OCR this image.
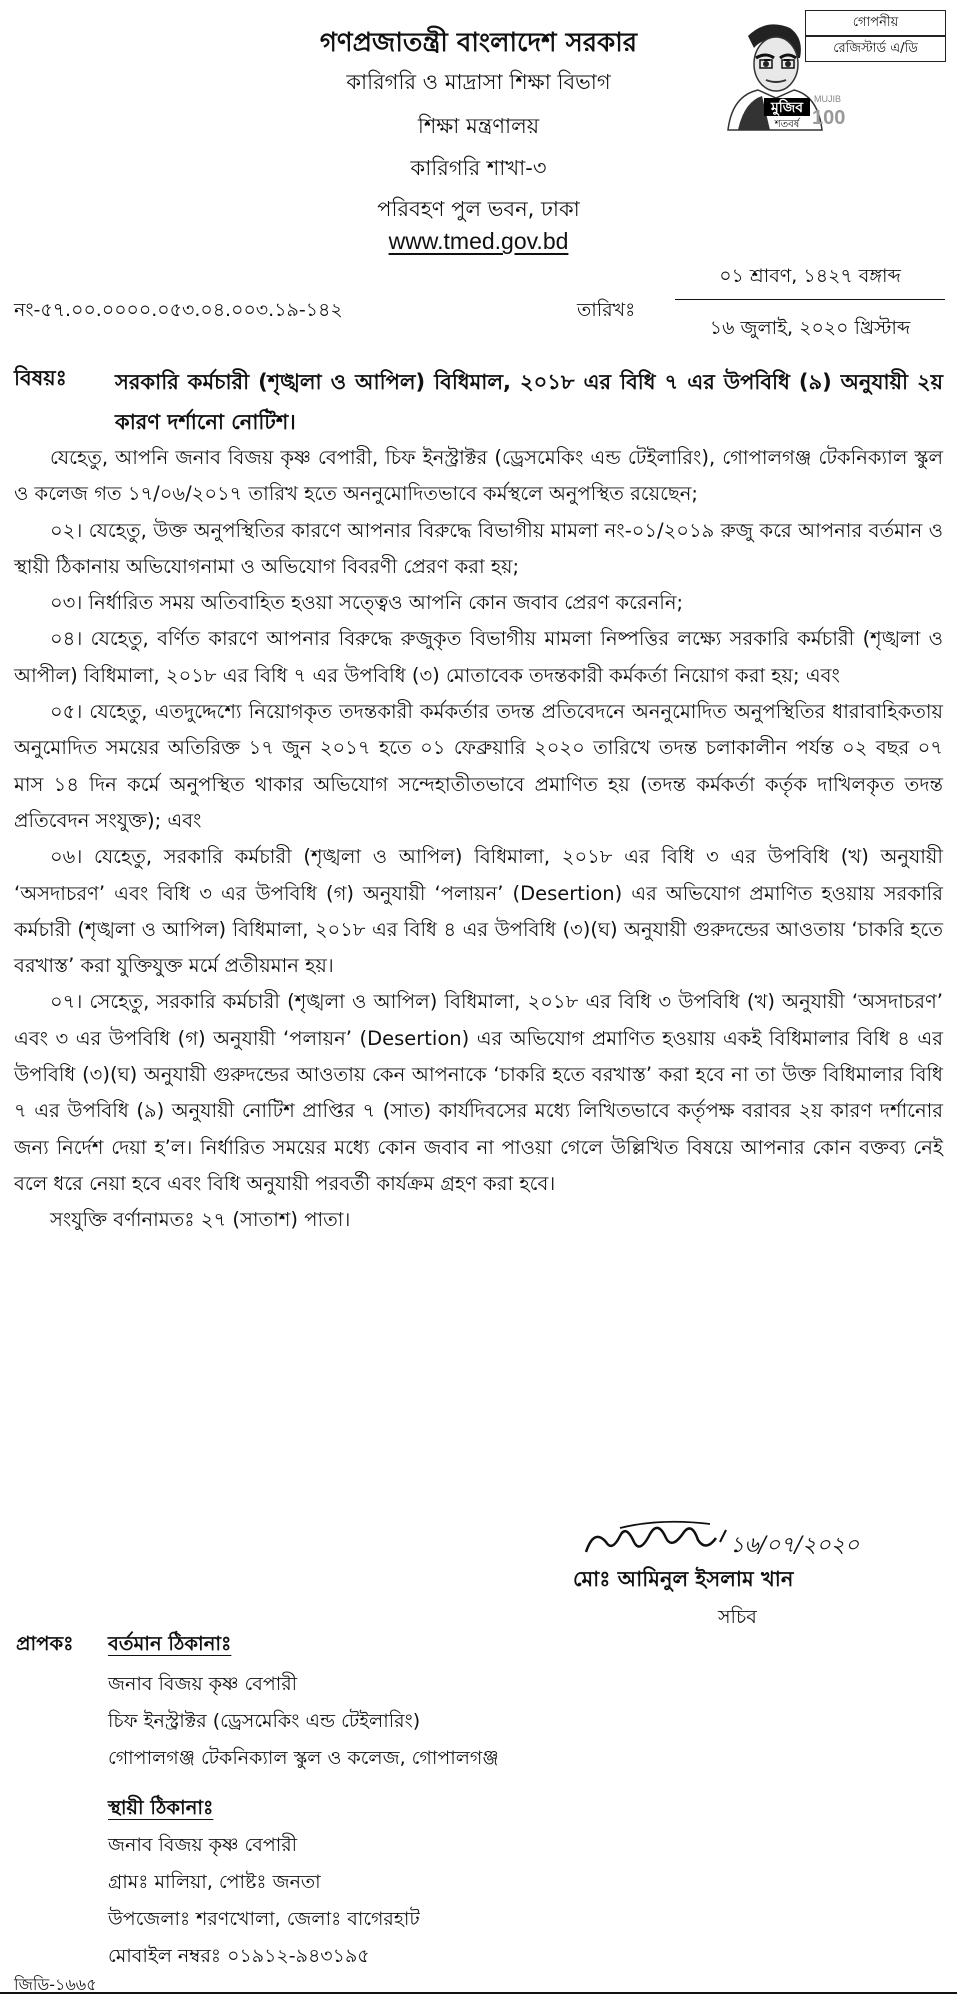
গণপ্রজাতন্ত্রী বাংলাদেশ সরকার
কারিগরি ও মাদ্রাসা শিক্ষা বিভাগ
শিক্ষা মন্ত্রণালয়
কারিগরি শাখা-৩
পরিবহণ পুল ভবন, ঢাকা
www.tmed.gov.bd
গোপনীয়
রেজিস্টার্ড এ/ডি
মুজিব
শতবর্ষ
MUJIB
100
নং-৫৭.০০.০০০০.০৫৩.০৪.০০৩.১৯-১৪২	তারিখঃ
০১ শ্রাবণ, ১৪২৭ বঙ্গাব্দ
১৬ জুলাই, ২০২০ খ্রিস্টাব্দ
বিষয়ঃ সরকারি কর্মচারী (শৃঙ্খলা ও আপিল) বিধিমাল, ২০১৮ এর বিধি ৭ এর উপবিধি (৯) অনুযায়ী ২য় কারণ দর্শানো নোটিশ।

যেহেতু, আপনি জনাব বিজয় কৃষ্ণ বেপারী, চিফ ইনস্ট্রাক্টর (ড্রেসমেকিং এন্ড টেইলারিং), গোপালগঞ্জ টেকনিক্যাল স্কুল ও কলেজ গত ১৭/০৬/২০১৭ তারিখ হতে অননুমোদিতভাবে কর্মস্থলে অনুপস্থিত রয়েছেন;

০২। যেহেতু, উক্ত অনুপস্থিতির কারণে আপনার বিরুদ্ধে বিভাগীয় মামলা নং-০১/২০১৯ রুজু করে আপনার বর্তমান ও স্থায়ী ঠিকানায় অভিযোগনামা ও অভিযোগ বিবরণী প্রেরণ করা হয়;

০৩। নির্ধারিত সময় অতিবাহিত হওয়া সত্ত্বেও আপনি কোন জবাব প্রেরণ করেননি;

০৪। যেহেতু, বর্ণিত কারণে আপনার বিরুদ্ধে রুজুকৃত বিভাগীয় মামলা নিষ্পত্তির লক্ষ্যে সরকারি কর্মচারী (শৃঙ্খলা ও আপীল) বিধিমালা, ২০১৮ এর বিধি ৭ এর উপবিধি (৩) মোতাবেক তদন্তকারী কর্মকর্তা নিয়োগ করা হয়; এবং

০৫। যেহেতু, এতদুদ্দেশ্যে নিয়োগকৃত তদন্তকারী কর্মকর্তার তদন্ত প্রতিবেদনে অননুমোদিত অনুপস্থিতির ধারাবাহিকতায় অনুমোদিত সময়ের অতিরিক্ত ১৭ জুন ২০১৭ হতে ০১ ফেব্রুয়ারি ২০২০ তারিখে তদন্ত চলাকালীন পর্যন্ত ০২ বছর ০৭ মাস ১৪ দিন কর্মে অনুপস্থিত থাকার অভিযোগ সন্দেহাতীতভাবে প্রমাণিত হয় (তদন্ত কর্মকর্তা কর্তৃক দাখিলকৃত তদন্ত প্রতিবেদন সংযুক্ত); এবং

০৬। যেহেতু, সরকারি কর্মচারী (শৃঙ্খলা ও আপিল) বিধিমালা, ২০১৮ এর বিধি ৩ এর উপবিধি (খ) অনুযায়ী ‘অসদাচরণ’ এবং বিধি ৩ এর উপবিধি (গ) অনুযায়ী ‘পলায়ন’ (Desertion) এর অভিযোগ প্রমাণিত হওয়ায় সরকারি কর্মচারী (শৃঙ্খলা ও আপিল) বিধিমালা, ২০১৮ এর বিধি ৪ এর উপবিধি (৩)(ঘ) অনুযায়ী গুরুদন্ডের আওতায় ‘চাকরি হতে বরখাস্ত’ করা যুক্তিযুক্ত মর্মে প্রতীয়মান হয়।

০৭। সেহেতু, সরকারি কর্মচারী (শৃঙ্খলা ও আপিল) বিধিমালা, ২০১৮ এর বিধি ৩ উপবিধি (খ) অনুযায়ী ‘অসদাচরণ’ এবং ৩ এর উপবিধি (গ) অনুযায়ী ‘পলায়ন’ (Desertion) এর অভিযোগ প্রমাণিত হওয়ায় একই বিধিমালার বিধি ৪ এর উপবিধি (৩)(ঘ) অনুযায়ী গুরুদন্ডের আওতায় কেন আপনাকে ‘চাকরি হতে বরখাস্ত’ করা হবে না তা উক্ত বিধিমালার বিধি ৭ এর উপবিধি (৯) অনুযায়ী নোটিশ প্রাপ্তির ৭ (সাত) কার্যদিবসের মধ্যে লিখিতভাবে কর্তৃপক্ষ বরাবর ২য় কারণ দর্শানোর জন্য নির্দেশ দেয়া হ’ল। নির্ধারিত সময়ের মধ্যে কোন জবাব না পাওয়া গেলে উল্লিখিত বিষয়ে আপনার কোন বক্তব্য নেই বলে ধরে নেয়া হবে এবং বিধি অনুযায়ী পরবর্তী কার্যক্রম গ্রহণ করা হবে।

সংযুক্তি বর্ণানামতঃ ২৭ (সাতাশ) পাতা।

১৬/০৭/২০২০
মোঃ আমিনুল ইসলাম খান
সচিব
প্রাপকঃ বর্তমান ঠিকানাঃ
জনাব বিজয় কৃষ্ণ বেপারী
চিফ ইনস্ট্রাক্টর (ড্রেসমেকিং এন্ড টেইলারিং)
গোপালগঞ্জ টেকনিক্যাল স্কুল ও কলেজ, গোপালগঞ্জ
স্থায়ী ঠিকানাঃ
জনাব বিজয় কৃষ্ণ বেপারী
গ্রামঃ মালিয়া, পোষ্টঃ জনতা
উপজেলাঃ শরণখোলা, জেলাঃ বাগেরহাট
মোবাইল নম্বরঃ ০১৯১২-৯৪৩১৯৫
জিডি-১৬৬৫
